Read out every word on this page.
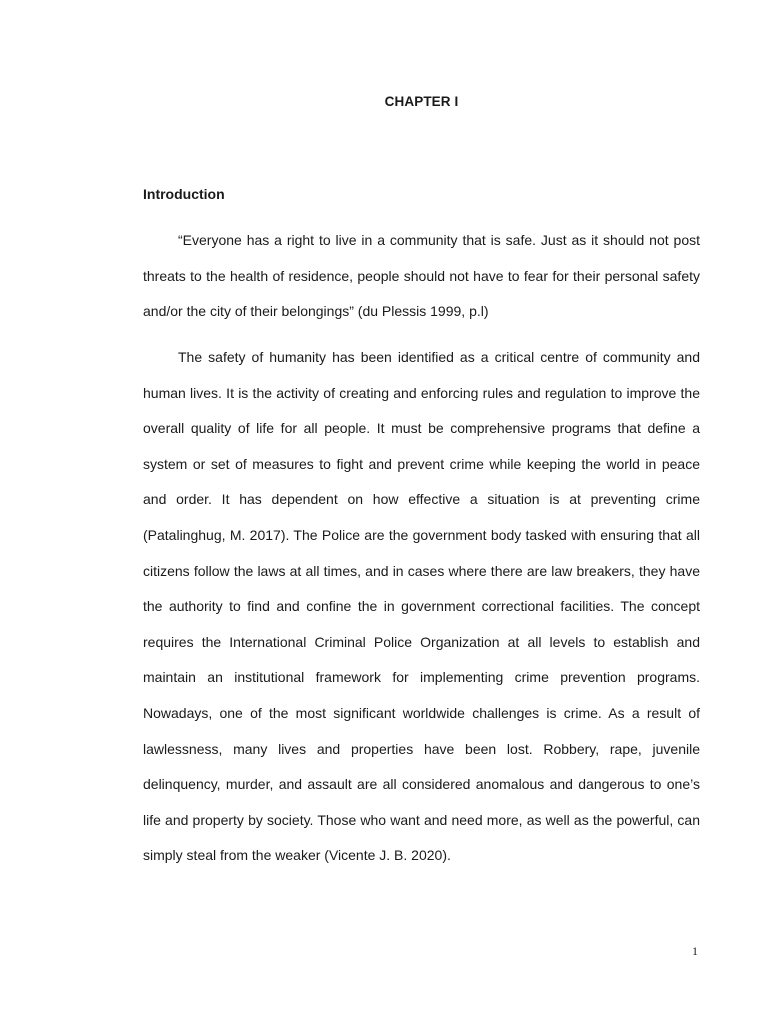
CHAPTER I
Introduction

“Everyone has a right to live in a community that is safe. Just as it should not post threats to the health of residence, people should not have to fear for their personal safety and/or the city of their belongings” (du Plessis 1999, p.l)

The safety of humanity has been identified as a critical centre of community and human lives. It is the activity of creating and enforcing rules and regulation to improve the overall quality of life for all people. It must be comprehensive programs that define a system or set of measures to fight and prevent crime while keeping the world in peace and order. It has dependent on how effective a situation is at preventing crime (Patalinghug, M. 2017). The Police are the government body tasked with ensuring that all citizens follow the laws at all times, and in cases where there are law breakers, they have the authority to find and confine the in government correctional facilities. The concept requires the International Criminal Police Organization at all levels to establish and maintain an institutional framework for implementing crime prevention programs. Nowadays, one of the most significant worldwide challenges is crime. As a result of lawlessness, many lives and properties have been lost. Robbery, rape, juvenile delinquency, murder, and assault are all considered anomalous and dangerous to one’s life and property by society. Those who want and need more, as well as the powerful, can simply steal from the weaker (Vicente J. B. 2020).

1
